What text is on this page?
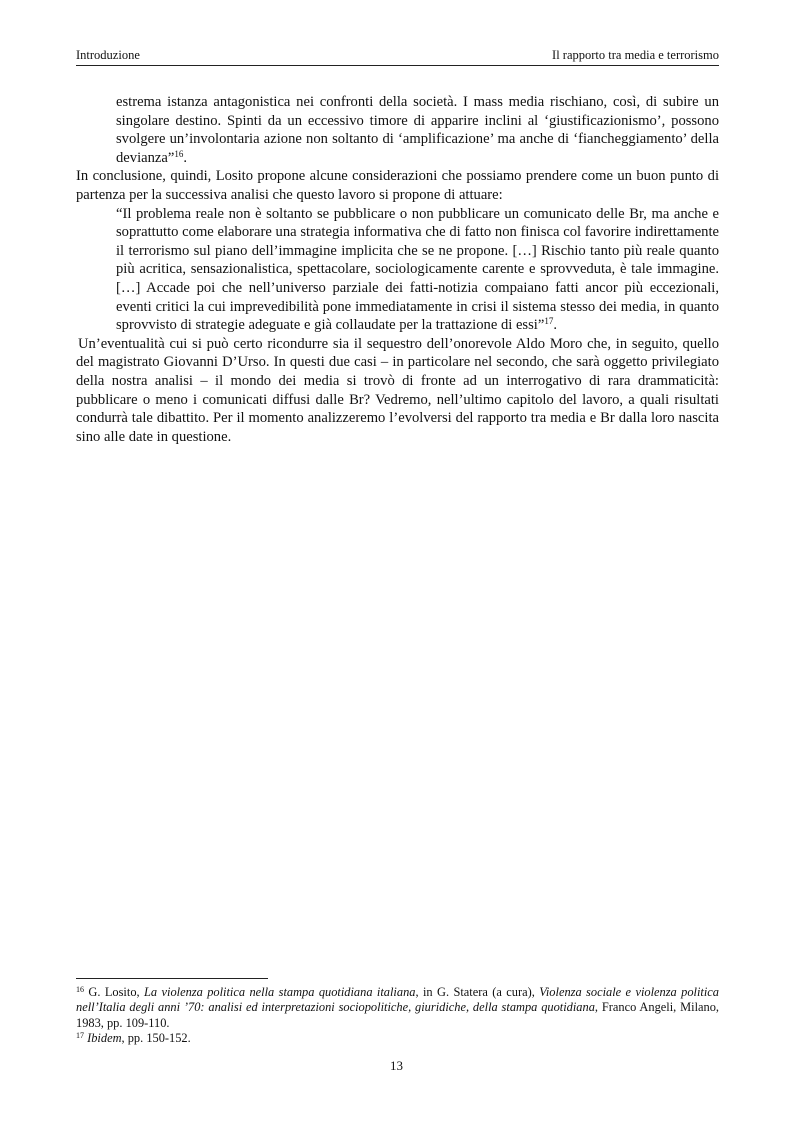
Introduzione	Il rapporto tra media e terrorismo

estrema istanza antagonistica nei confronti della società. I mass media rischiano, così, di subire un singolare destino. Spinti da un eccessivo timore di apparire inclini al ‘giustificazionismo’, possono svolgere un’involontaria azione non soltanto di ‘amplificazione’ ma anche di ‘fiancheggiamento’ della devianza”$^{16}$.

In conclusione, quindi, Losito propone alcune considerazioni che possiamo prendere come un buon punto di partenza per la successiva analisi che questo lavoro si propone di attuare:

“Il problema reale non è soltanto se pubblicare o non pubblicare un comunicato delle Br, ma anche e soprattutto come elaborare una strategia informativa che di fatto non finisca col favorire indirettamente il terrorismo sul piano dell’immagine implicita che se ne propone. […] Rischio tanto più reale quanto più acritica, sensazionalistica, spettacolare, sociologicamente carente e sprovveduta, è tale immagine. […] Accade poi che nell’universo parziale dei fatti-notizia compaiano fatti ancor più eccezionali, eventi critici la cui imprevedibilità pone immediatamente in crisi il sistema stesso dei media, in quanto sprovvisto di strategie adeguate e già collaudate per la trattazione di essi”$^{17}$.

Un’eventualità cui si può certo ricondurre sia il sequestro dell’onorevole Aldo Moro che, in seguito, quello del magistrato Giovanni D’Urso. In questi due casi – in particolare nel secondo, che sarà oggetto privilegiato della nostra analisi – il mondo dei media si trovò di fronte ad un interrogativo di rara drammaticità: pubblicare o meno i comunicati diffusi dalle Br? Vedremo, nell’ultimo capitolo del lavoro, a quali risultati condurrà tale dibattito. Per il momento analizzeremo l’evolversi del rapporto tra media e Br dalla loro nascita sino alle date in questione.

$^{16}$ G. Losito, La violenza politica nella stampa quotidiana italiana, in G. Statera (a cura), Violenza sociale e violenza politica nell’Italia degli anni ’70: analisi ed interpretazioni sociopolitiche, giuridiche, della stampa quotidiana, Franco Angeli, Milano, 1983, pp. 109-110.

$^{17}$ Ibidem, pp. 150-152.

13
